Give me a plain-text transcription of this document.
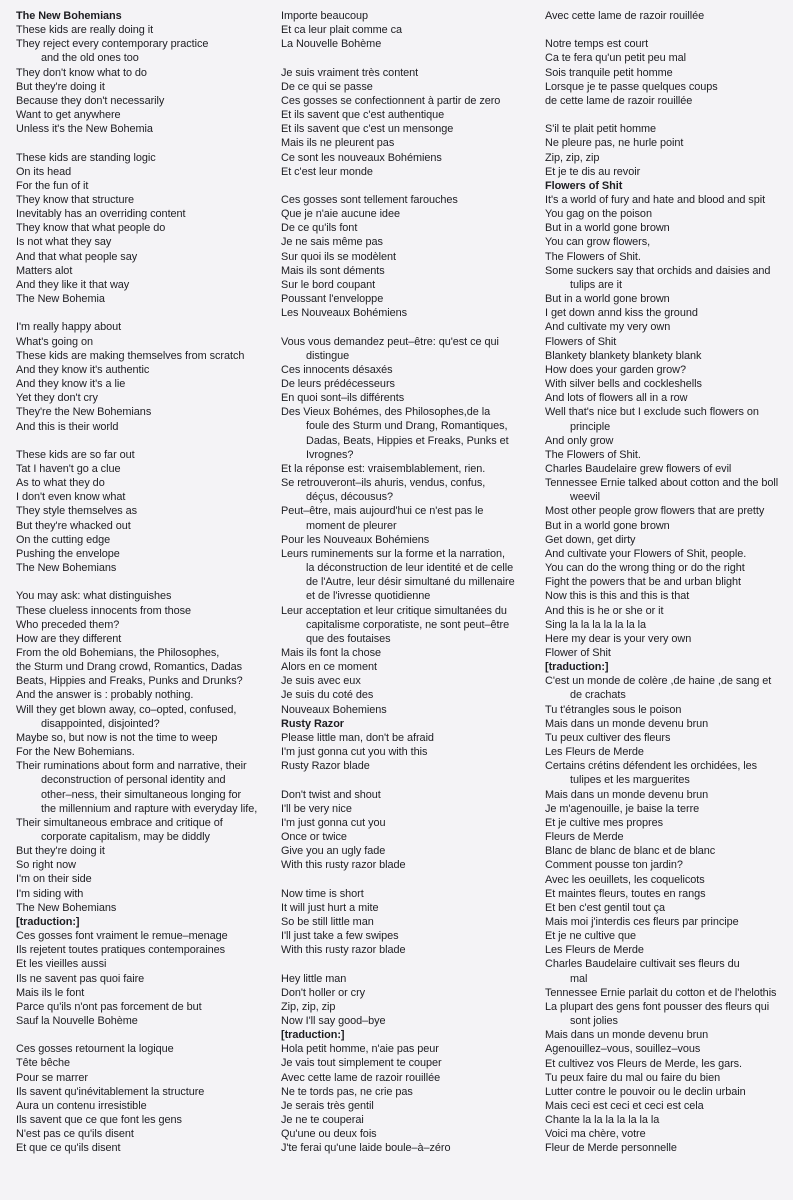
The New Bohemians
These kids are really doing it
They reject every contemporary practice
and the old ones too
They don't know what to do
But they're doing it
Because they don't necessarily
Want to get anywhere
Unless it's the New Bohemia
These kids are standing logic
On its head
For the fun of it
They know that structure
Inevitably has an overriding content
They know that what people do
Is not what they say
And that what people say
Matters alot
And they like it that way
The New Bohemia
I'm really happy about
What's going on
These kids are making themselves from scratch
And they know it's authentic
And they know it's a lie
Yet they don't cry
They're the New Bohemians
And this is their world
These kids are so far out
Tat I haven't go a clue
As to what they do
I don't even know what
They style themselves as
But they're whacked out
On the cutting edge
Pushing the envelope
The New Bohemians
You may ask: what distinguishes
These clueless innocents from those
Who preceded them?
How are they different
From the old Bohemians, the Philosophes,
the Sturm und Drang crowd, Romantics, Dadas
Beats, Hippies and Freaks, Punks and Drunks?
And the answer is : probably nothing.
Will they get blown away, co–opted, confused,
disappointed, disjointed?
Maybe so, but now is not the time to weep
For the New Bohemians.
Their ruminations about form and narrative, their
deconstruction of personal identity and
other–ness, their simultaneous longing for
the millennium and rapture with everyday life,
Their simultaneous embrace and critique of
corporate capitalism, may be diddly
But they're doing it
So right now
I'm on their side
I'm siding with
The New Bohemians
[traduction:]
Ces gosses font vraiment le remue–menage
Ils rejetent toutes pratiques contemporaines
Et les vieilles aussi
Ils ne savent pas quoi faire
Mais ils le font
Parce qu'ils n'ont pas forcement de but
Sauf la Nouvelle Bohème
Ces gosses retournent la logique
Tête bêche
Pour se marrer
Ils savent qu'inévitablement la structure
Aura un contenu irresistible
Ils savent que ce que font les gens
N'est pas ce qu'ils disent
Et que ce qu'ils disent
Importe beaucoup
Et ca leur plait comme ca
La Nouvelle Bohème
Je suis vraiment très content
De ce qui se passe
Ces gosses se confectionnent à partir de zero
Et ils savent que c'est authentique
Et ils savent que c'est un mensonge
Mais ils ne pleurent pas
Ce sont les nouveaux Bohémiens
Et c'est leur monde
Ces gosses sont tellement farouches
Que je n'aie aucune idee
De ce qu'ils font
Je ne sais même pas
Sur quoi ils se modèlent
Mais ils sont déments
Sur le bord coupant
Poussant l'enveloppe
Les Nouveaux Bohémiens
Vous vous demandez peut–être: qu'est ce qui
distingue
Ces innocents désaxés
De leurs prédécesseurs
En quoi sont–ils différents
Des Vieux Bohémes, des Philosophes,de la
foule des Sturm und Drang, Romantiques,
Dadas, Beats, Hippies et Freaks, Punks et
Ivrognes?
Et la réponse est: vraisemblablement, rien.
Se retrouveront–ils ahuris, vendus, confus,
déçus, décousus?
Peut–être, mais aujourd'hui ce n'est pas le
moment de pleurer
Pour les Nouveaux Bohémiens
Leurs ruminements sur la forme et la narration,
la déconstruction de leur identité et de celle
de l'Autre, leur désir simultané du millenaire
et de l'ivresse quotidienne
Leur acceptation et leur critique simultanées du
capitalisme corporatiste, ne sont peut–être
que des foutaises
Mais ils font la chose
Alors en ce moment
Je suis avec eux
Je suis du coté des
Nouveaux Bohemiens
Rusty Razor
Please little man, don't be afraid
I'm just gonna cut you with this
Rusty Razor blade
Don't twist and shout
I'll be very nice
I'm just gonna cut you
Once or twice
Give you an ugly fade
With this rusty razor blade
Now time is short
It will just hurt a mite
So be still little man
I'll just take a few swipes
With this rusty razor blade
Hey little man
Don't holler or cry
Zip, zip, zip
Now I'll say good–bye
[traduction:]
Hola petit homme, n'aie pas peur
Je vais tout simplement te couper
Avec cette lame de razoir rouillée
Ne te tords pas, ne crie pas
Je serais très gentil
Je ne te couperai
Qu'une ou deux fois
J'te ferai qu'une laide boule–à–zéro
Avec cette lame de razoir rouillée
Notre temps est court
Ca te fera qu'un petit peu mal
Sois tranquile petit homme
Lorsque je te passe quelques coups
de cette lame de razoir rouillée
S'il te plait petit homme
Ne pleure pas, ne hurle point
Zip, zip, zip
Et je te dis au revoir
Flowers of Shit
It's a world of fury and hate and blood and spit
You gag on the poison
But in a world gone brown
You can grow flowers,
The Flowers of Shit.
Some suckers say that orchids and daisies and
tulips are it
But in a world gone brown
I get down annd kiss the ground
And cultivate my very own
Flowers of Shit
Blankety blankety blankety blank
How does your garden grow?
With silver bells and cockleshells
And lots of flowers all in a row
Well that's nice but I exclude such flowers on
principle
And only grow
The Flowers of Shit.
Charles Baudelaire grew flowers of evil
Tennessee Ernie talked about cotton and the boll
weevil
Most other people grow flowers that are pretty
But in a world gone brown
Get down, get dirty
And cultivate your Flowers of Shit, people.
You can do the wrong thing or do the right
Fight the powers that be and urban blight
Now this is this and this is that
And this is he or she or it
Sing la la la la la la la
Here my dear is your very own
Flower of Shit
[traduction:]
C'est un monde de colère ,de haine ,de sang et
de crachats
Tu t'étrangles sous le poison
Mais dans un monde devenu brun
Tu peux cultiver des fleurs
Les Fleurs de Merde
Certains crétins défendent les orchidées, les
tulipes et les marguerites
Mais dans un monde devenu brun
Je m'agenouille, je baise la terre
Et je cultive mes propres
Fleurs de Merde
Blanc de blanc de blanc et de blanc
Comment pousse ton jardin?
Avec les oeuillets, les coquelicots
Et maintes fleurs, toutes en rangs
Et ben c'est gentil tout ça
Mais moi j'interdis ces fleurs par principe
Et je ne cultive que
Les Fleurs de Merde
Charles Baudelaire cultivait ses fleurs du
mal
Tennessee Ernie parlait du cotton et de l'helothis
La plupart des gens font pousser des fleurs qui
sont jolies
Mais dans un monde devenu brun
Agenouillez–vous, souillez–vous
Et cultivez vos Fleurs de Merde, les gars.
Tu peux faire du mal ou faire du bien
Lutter contre le pouvoir ou le declin urbain
Mais ceci est ceci et ceci est cela
Chante la la la la la la la
Voici ma chère, votre
Fleur de Merde personnelle
